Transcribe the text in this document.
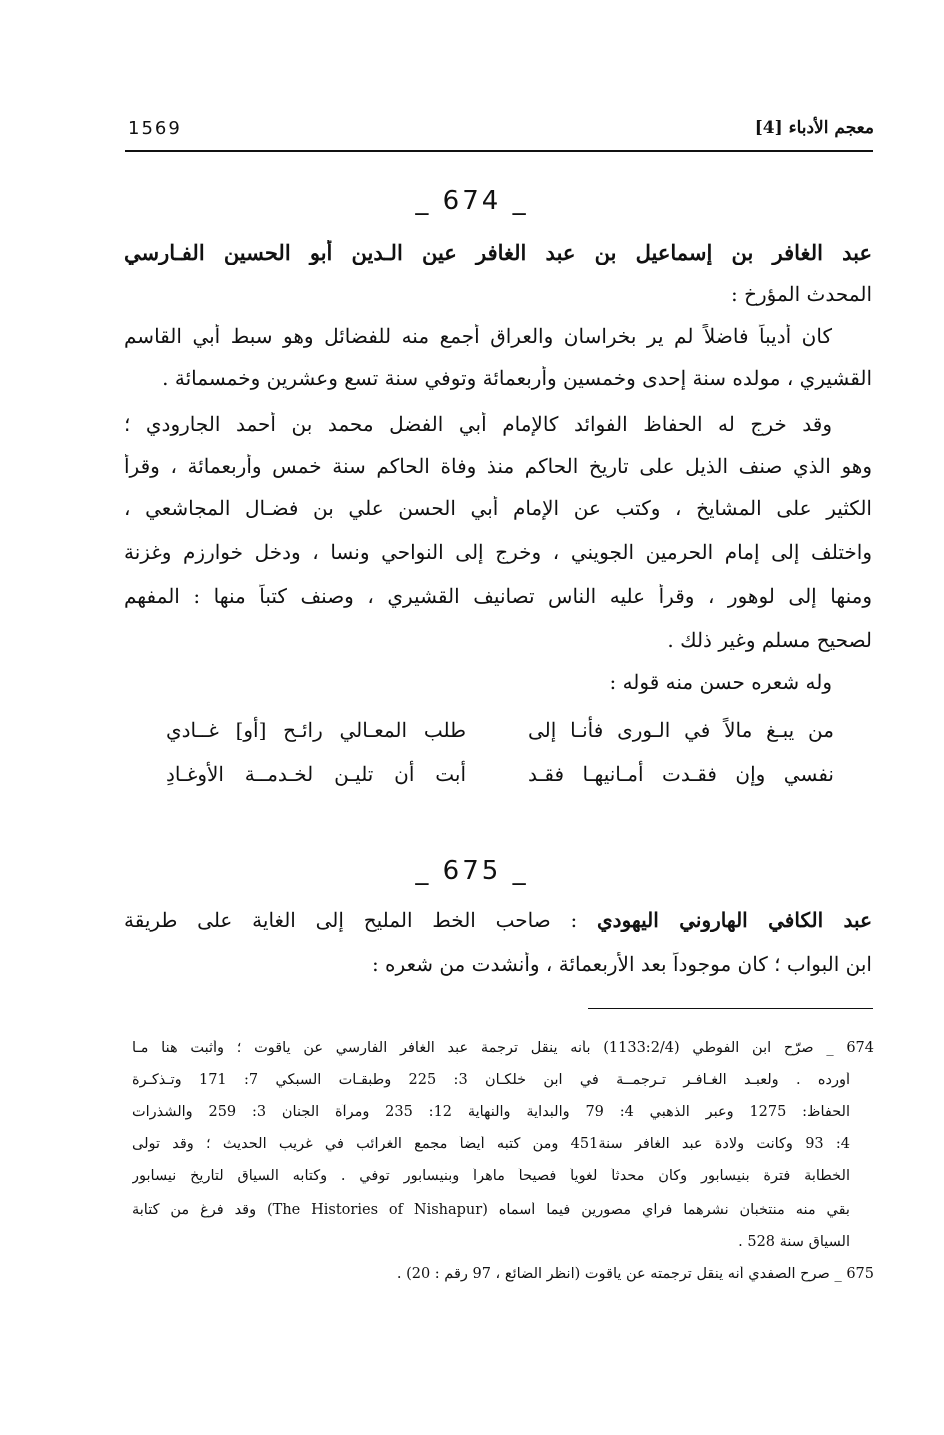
معجم الأدباء [4]
1569
_ 674 _
عبد الغافر بن إسماعيل بن عبد الغافر عين الـدين أبو الحسين الفـارسي
المحدث المؤرخ :
كان أديباً فاضلاً لم ير بخراسان والعراق أجمع منه للفضائل وهو سبط أبي القاسم
القشيري ، مولده سنة إحدى وخمسين وأربعمائة وتوفي سنة تسع وعشرين وخمسمائة .
وقد خرج له الحفاظ الفوائد كالإمام أبي الفضل محمد بن أحمد الجارودي ؛
وهو الذي صنف الذيل على تاريخ الحاكم منذ وفاة الحاكم سنة خمس وأربعمائة ، وقرأ
الكثير على المشايخ ، وكتب عن الإمام أبي الحسن علي بن فضـال المجاشعي ،
واختلف إلى إمام الحرمين الجويني ، وخرج إلى النواحي ونسا ، ودخل خوارزم وغزنة
ومنها إلى لوهور ، وقرأ عليه الناس تصانيف القشيري ، وصنف كتباً منها : المفهم
لصحيح مسلم وغير ذلك .
وله شعره حسن منه قوله :
من يبـغ مالاً في الـورى فأنـا إلى
طلب المعـالي رائـح [أو] غــادي
نفسي وإن فقـدت أمـانيهـا فقـد
أبت أن تليـن لخـدمــة الأوغـادِ
_ 675 _
عبد الكافي الهاروني اليهودي : صاحب الخط المليح إلى الغاية على طريقة
ابن البواب ؛ كان موجوداً بعد الأربعمائة ، وأنشدت من شعره :
674 _ صرّح ابن الفوطي (1133:2/4) بأنه ينقل ترجمة عبد الغافر الفارسي عن ياقوت ؛ وأثبت هنا مـا
أورده . ولعبـد الغـافـر تـرجمــة في ابن خلكـان 3: 225 وطبقـات السبكي 7: 171 وتـذكـرة
الحفاظ: 1275 وعبر الذهبي 4: 79 والبداية والنهاية 12: 235 ومرآة الجنان 3: 259 والشذرات
4: 93 وكانت ولادة عبد الغافر سنة451 ومن كتبه أيضاً مجمع الغرائب في غريب الحديث ؛ وقد تولى
الخطابة فترة بنيسابور وكان محدثاً لغوياً فصيحاً ماهراً وبنيسابور توفي . وكتابه السياق لتاريخ نيسابور
بقي منه منتخبان نشرهما فراي مصورين فيما أسماه (The Histories of Nishapur) وقد فرغ من كتابة
السياق سنة 528 .
675 _ صرح الصفدي أنه ينقل ترجمته عن ياقوت (انظر الضائع ، 97 رقم : 20) .
